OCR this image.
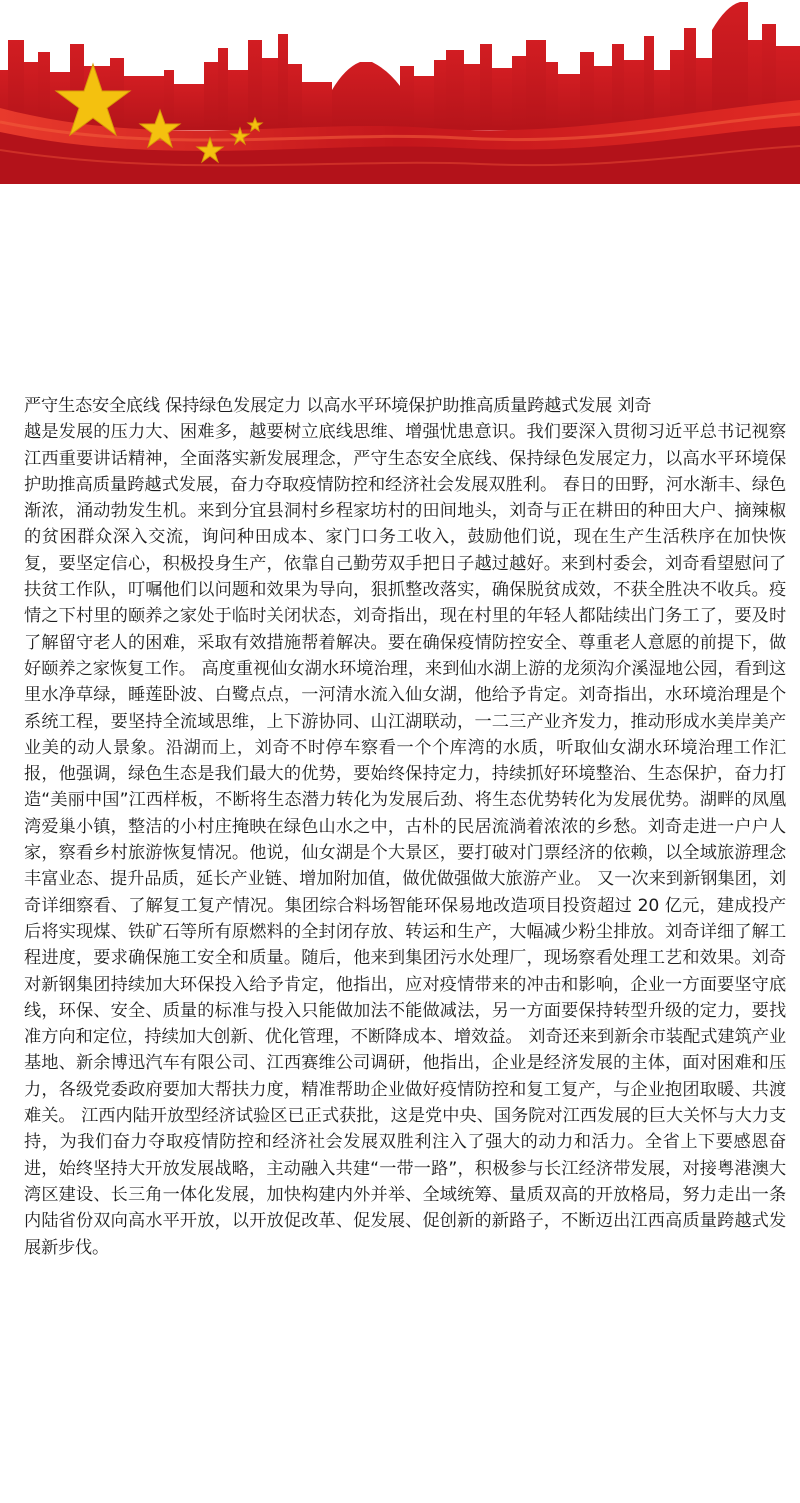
严守生态安全底线 保持绿色发展定力 以高水平环境保护助推高质量跨越式发展 刘奇
越是发展的压力大、困难多，越要树立底线思维、增强忧患意识。我们要深入贯彻习近平总书记视察江西重要讲话精神，全面落实新发展理念，严守生态安全底线、保持绿色发展定力，以高水平环境保护助推高质量跨越式发展，奋力夺取疫情防控和经济社会发展双胜利。 春日的田野，河水渐丰、绿色渐浓，涌动勃发生机。来到分宜县洞村乡程家坊村的田间地头，刘奇与正在耕田的种田大户、摘辣椒的贫困群众深入交流，询问种田成本、家门口务工收入，鼓励他们说，现在生产生活秩序在加快恢复，要坚定信心，积极投身生产，依靠自己勤劳双手把日子越过越好。来到村委会，刘奇看望慰问了扶贫工作队，叮嘱他们以问题和效果为导向，狠抓整改落实，确保脱贫成效，不获全胜决不收兵。疫情之下村里的颐养之家处于临时关闭状态，刘奇指出，现在村里的年轻人都陆续出门务工了，要及时了解留守老人的困难，采取有效措施帮着解决。要在确保疫情防控安全、尊重老人意愿的前提下，做好颐养之家恢复工作。 高度重视仙女湖水环境治理，来到仙水湖上游的龙须沟介溪湿地公园，看到这里水净草绿，睡莲卧波、白鹭点点，一河清水流入仙女湖，他给予肯定。刘奇指出，水环境治理是个系统工程，要坚持全流域思维，上下游协同、山江湖联动，一二三产业齐发力，推动形成水美岸美产业美的动人景象。沿湖而上，刘奇不时停车察看一个个库湾的水质，听取仙女湖水环境治理工作汇报，他强调，绿色生态是我们最大的优势，要始终保持定力，持续抓好环境整治、生态保护，奋力打造“美丽中国”江西样板，不断将生态潜力转化为发展后劲、将生态优势转化为发展优势。湖畔的凤凰湾爱巢小镇，整洁的小村庄掩映在绿色山水之中，古朴的民居流淌着浓浓的乡愁。刘奇走进一户户人家，察看乡村旅游恢复情况。他说，仙女湖是个大景区，要打破对门票经济的依赖，以全域旅游理念丰富业态、提升品质，延长产业链、增加附加值，做优做强做大旅游产业。 又一次来到新钢集团，刘奇详细察看、了解复工复产情况。集团综合料场智能环保易地改造项目投资超过 20 亿元，建成投产后将实现煤、铁矿石等所有原燃料的全封闭存放、转运和生产，大幅减少粉尘排放。刘奇详细了解工程进度，要求确保施工安全和质量。随后，他来到集团污水处理厂，现场察看处理工艺和效果。刘奇对新钢集团持续加大环保投入给予肯定，他指出，应对疫情带来的冲击和影响，企业一方面要坚守底线，环保、安全、质量的标准与投入只能做加法不能做减法，另一方面要保持转型升级的定力，要找准方向和定位，持续加大创新、优化管理，不断降成本、增效益。 刘奇还来到新余市装配式建筑产业基地、新余博迅汽车有限公司、江西赛维公司调研，他指出，企业是经济发展的主体，面对困难和压力，各级党委政府要加大帮扶力度，精准帮助企业做好疫情防控和复工复产，与企业抱团取暖、共渡难关。 江西内陆开放型经济试验区已正式获批，这是党中央、国务院对江西发展的巨大关怀与大力支持，为我们奋力夺取疫情防控和经济社会发展双胜利注入了强大的动力和活力。全省上下要感恩奋进，始终坚持大开放发展战略，主动融入共建“一带一路”，积极参与长江经济带发展，对接粤港澳大湾区建设、长三角一体化发展，加快构建内外并举、全域统筹、量质双高的开放格局，努力走出一条内陆省份双向高水平开放，以开放促改革、促发展、促创新的新路子，不断迈出江西高质量跨越式发展新步伐。
